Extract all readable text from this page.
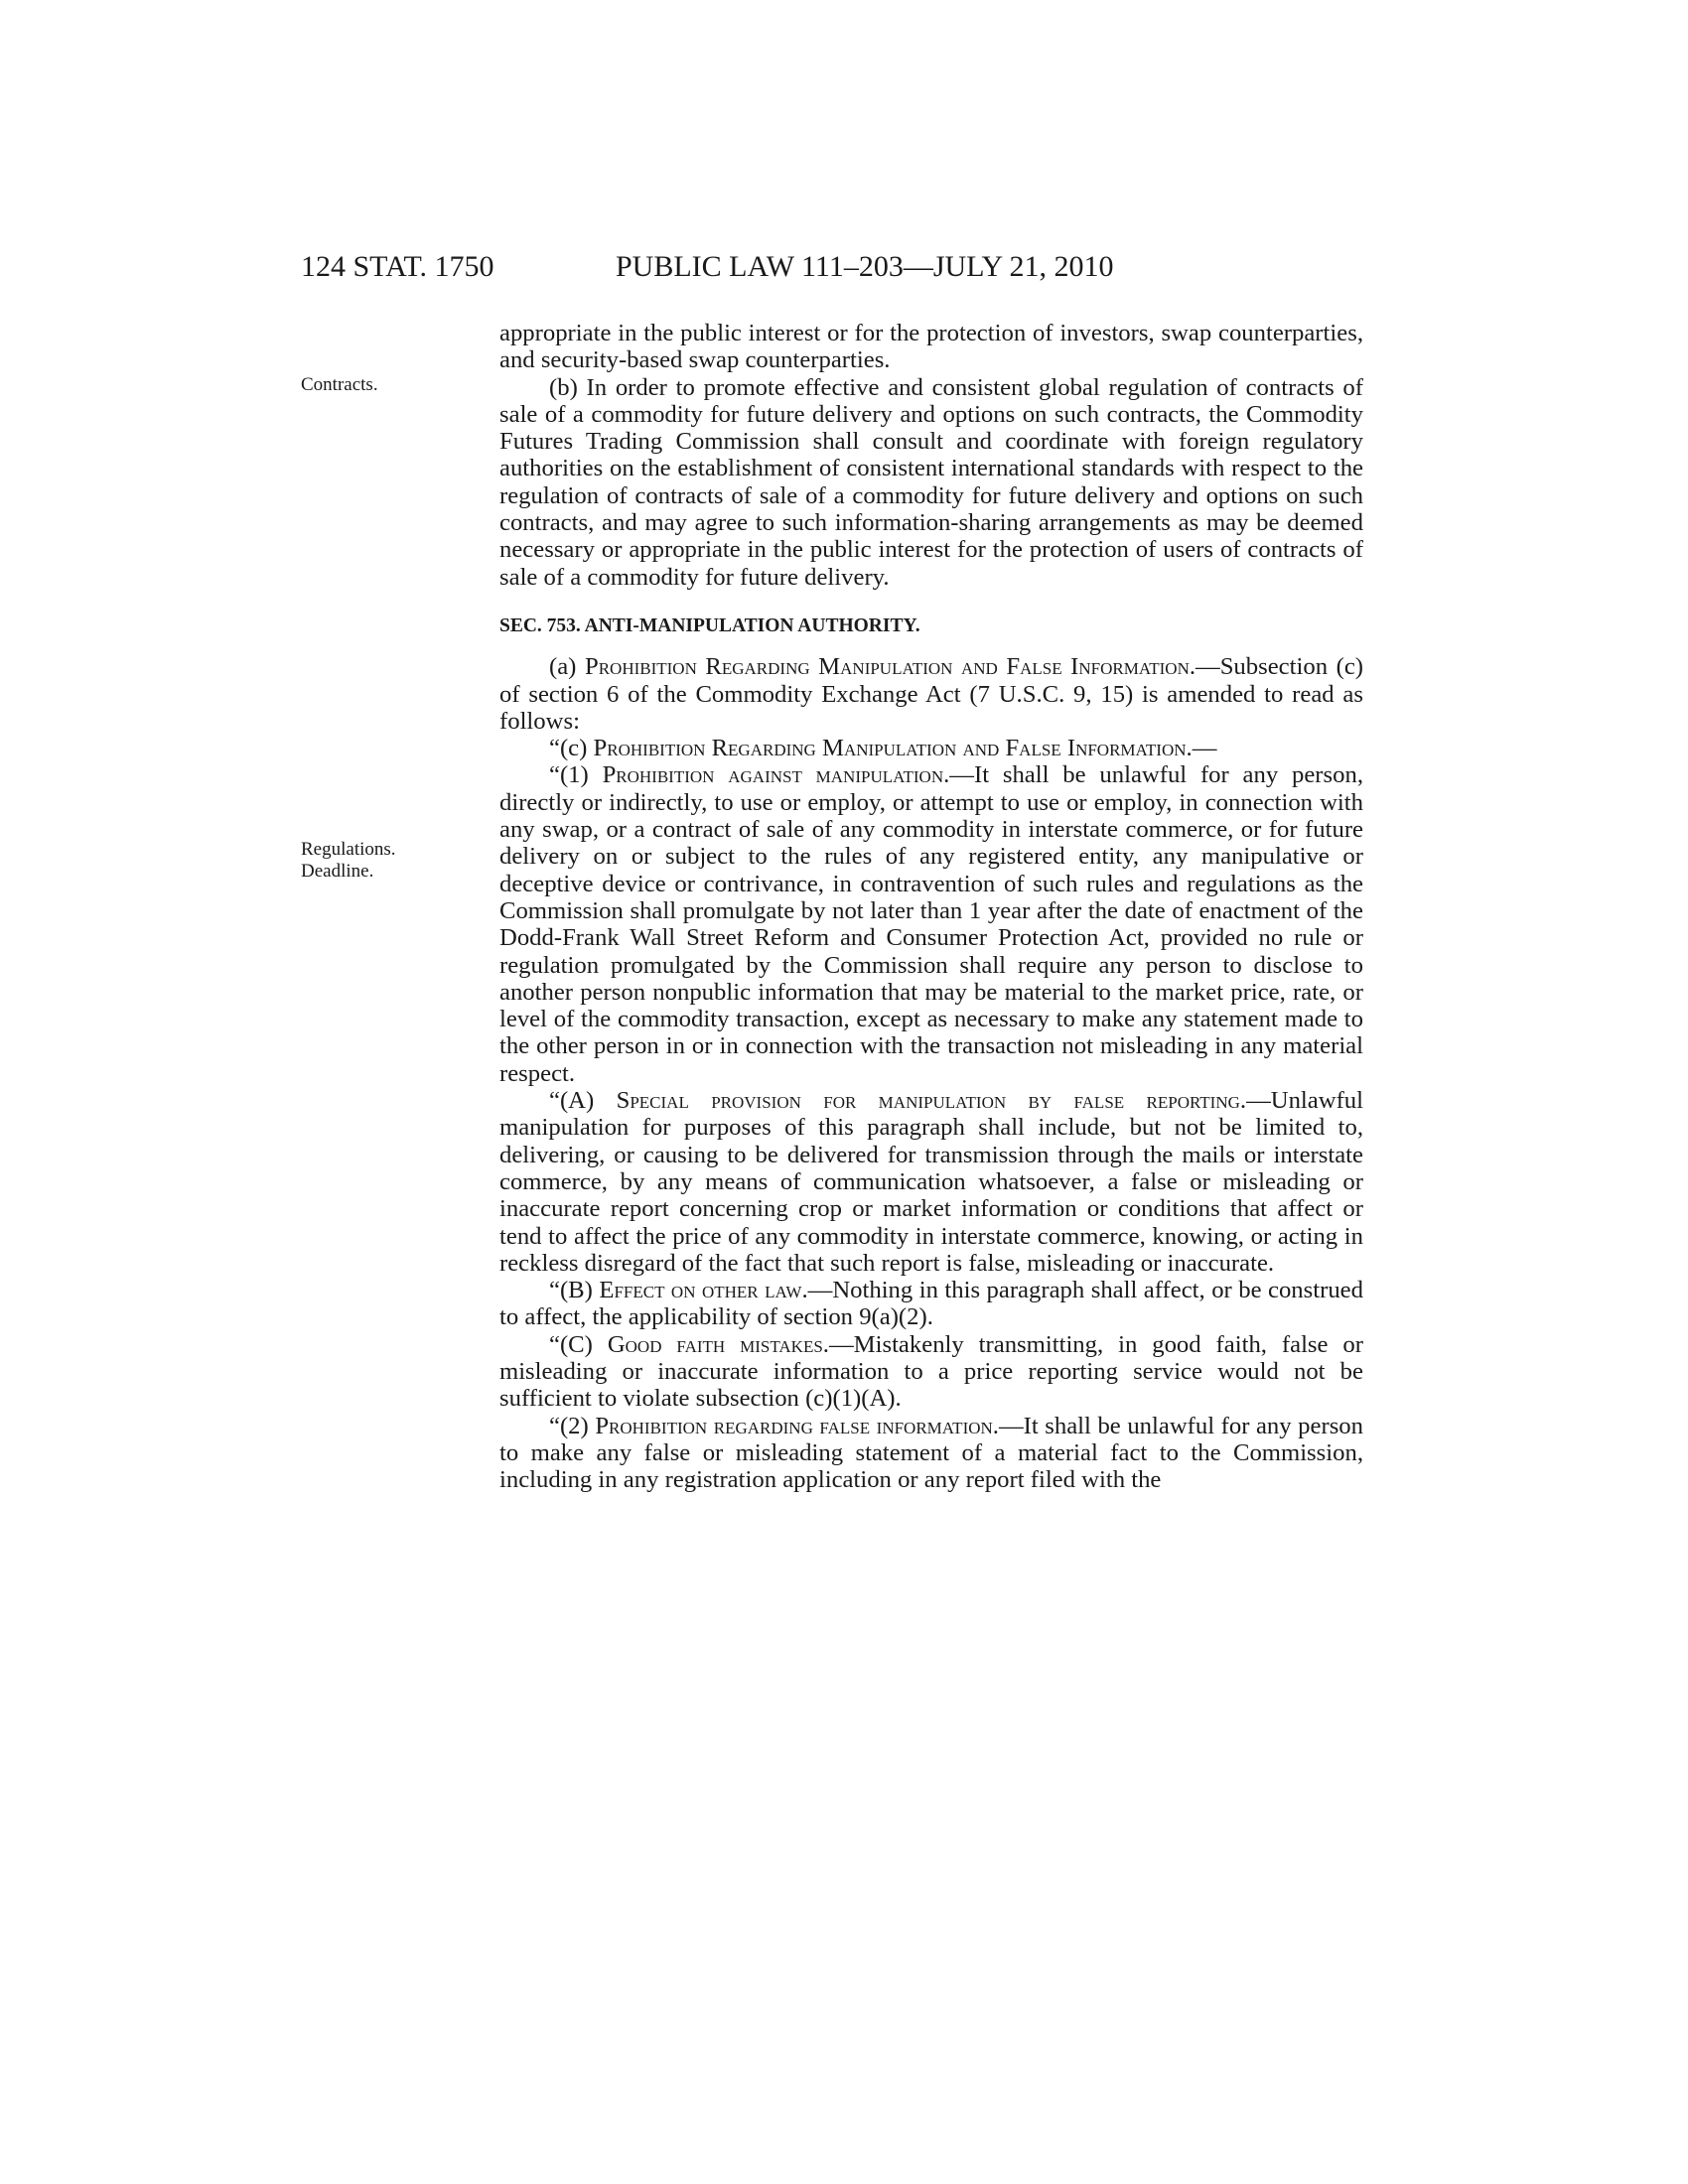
124 STAT. 1750	PUBLIC LAW 111–203—JULY 21, 2010
Contracts.
Regulations.
Deadline.

appropriate in the public interest or for the protection of investors, swap counterparties, and security-based swap counterparties.

(b) In order to promote effective and consistent global regulation of contracts of sale of a commodity for future delivery and options on such contracts, the Commodity Futures Trading Commission shall consult and coordinate with foreign regulatory authorities on the establishment of consistent international standards with respect to the regulation of contracts of sale of a commodity for future delivery and options on such contracts, and may agree to such information-sharing arrangements as may be deemed necessary or appropriate in the public interest for the protection of users of contracts of sale of a commodity for future delivery.

SEC. 753. ANTI-MANIPULATION AUTHORITY.

(a) Prohibition Regarding Manipulation and False Information.—Subsection (c) of section 6 of the Commodity Exchange Act (7 U.S.C. 9, 15) is amended to read as follows:

“(c) Prohibition Regarding Manipulation and False Information.—

“(1) Prohibition against manipulation.—It shall be unlawful for any person, directly or indirectly, to use or employ, or attempt to use or employ, in connection with any swap, or a contract of sale of any commodity in interstate commerce, or for future delivery on or subject to the rules of any registered entity, any manipulative or deceptive device or contrivance, in contravention of such rules and regulations as the Commission shall promulgate by not later than 1 year after the date of enactment of the Dodd-Frank Wall Street Reform and Consumer Protection Act, provided no rule or regulation promulgated by the Commission shall require any person to disclose to another person nonpublic information that may be material to the market price, rate, or level of the commodity transaction, except as necessary to make any statement made to the other person in or in connection with the transaction not misleading in any material respect.

“(A) Special provision for manipulation by false reporting.—Unlawful manipulation for purposes of this paragraph shall include, but not be limited to, delivering, or causing to be delivered for transmission through the mails or interstate commerce, by any means of communication whatsoever, a false or misleading or inaccurate report concerning crop or market information or conditions that affect or tend to affect the price of any commodity in interstate commerce, knowing, or acting in reckless disregard of the fact that such report is false, misleading or inaccurate.

“(B) Effect on other law.—Nothing in this paragraph shall affect, or be construed to affect, the applicability of section 9(a)(2).

“(C) Good faith mistakes.—Mistakenly transmitting, in good faith, false or misleading or inaccurate information to a price reporting service would not be sufficient to violate subsection (c)(1)(A).

“(2) Prohibition regarding false information.—It shall be unlawful for any person to make any false or misleading statement of a material fact to the Commission, including in any registration application or any report filed with the
